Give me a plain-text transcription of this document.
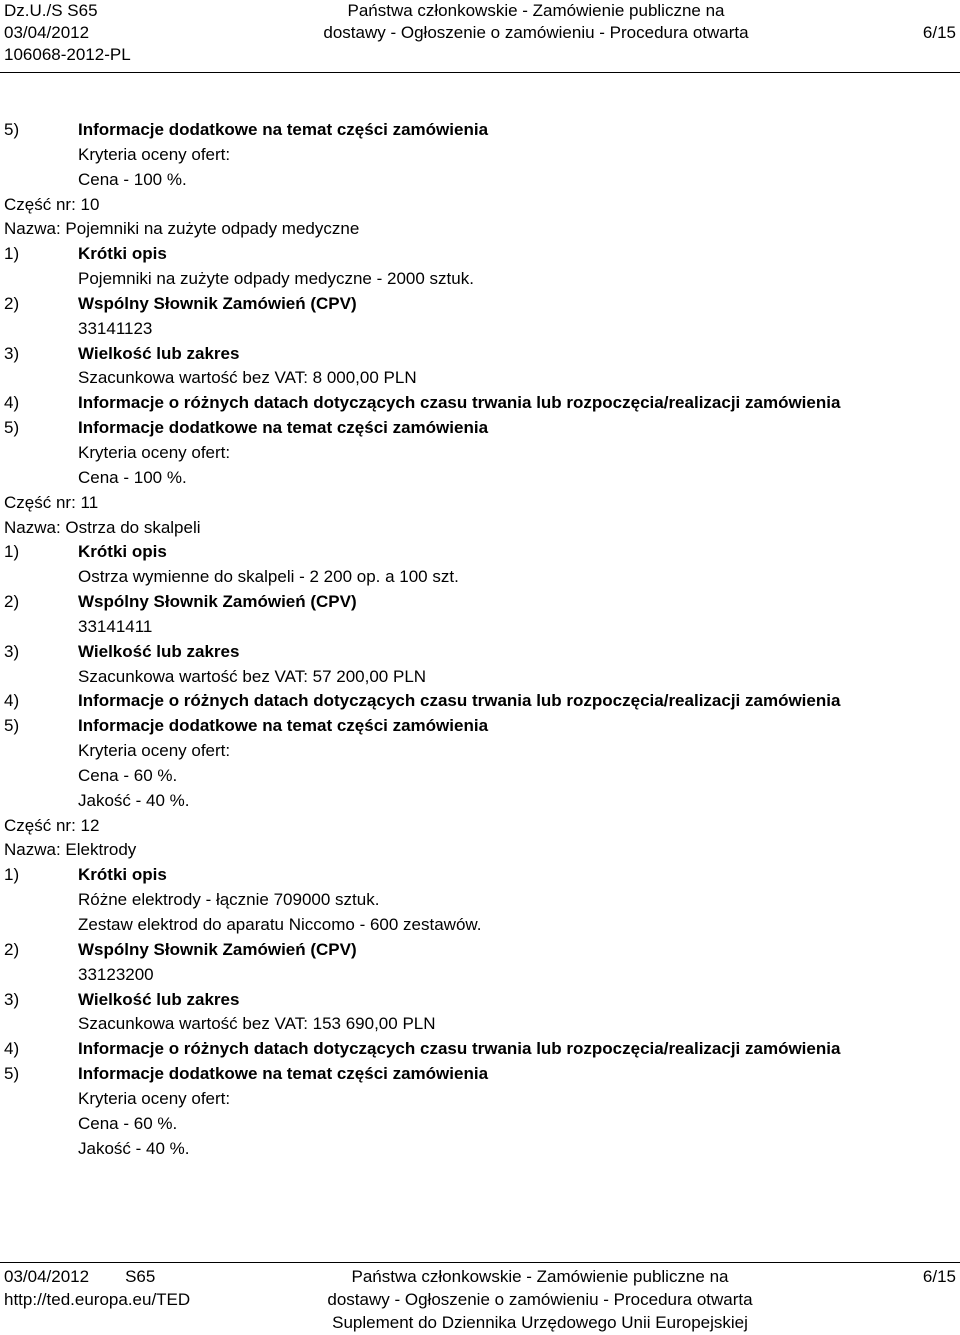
Dz.U./S S65
03/04/2012
106068-2012-PL
Państwa członkowskie - Zamówienie publiczne na
dostawy - Ogłoszenie o zamówieniu - Procedura otwarta	6/15
5)	Informacje dodatkowe na temat części zamówienia
Kryteria oceny ofert:
Cena - 100 %.
Część nr: 10
Nazwa: Pojemniki na zużyte odpady medyczne
1)	Krótki opis
Pojemniki na zużyte odpady medyczne - 2000 sztuk.
2)	Wspólny Słownik Zamówień (CPV)
33141123
3)	Wielkość lub zakres
Szacunkowa wartość bez VAT: 8 000,00 PLN
4)	Informacje o różnych datach dotyczących czasu trwania lub rozpoczęcia/realizacji zamówienia
5)	Informacje dodatkowe na temat części zamówienia
Kryteria oceny ofert:
Cena - 100 %.
Część nr: 11
Nazwa: Ostrza do skalpeli
1)	Krótki opis
Ostrza wymienne do skalpeli - 2 200 op. a 100 szt.
2)	Wspólny Słownik Zamówień (CPV)
33141411
3)	Wielkość lub zakres
Szacunkowa wartość bez VAT: 57 200,00 PLN
4)	Informacje o różnych datach dotyczących czasu trwania lub rozpoczęcia/realizacji zamówienia
5)	Informacje dodatkowe na temat części zamówienia
Kryteria oceny ofert:
Cena - 60 %.
Jakość - 40 %.
Część nr: 12
Nazwa: Elektrody
1)	Krótki opis
Różne elektrody - łącznie 709000 sztuk.
Zestaw elektrod do aparatu Niccomo - 600 zestawów.
2)	Wspólny Słownik Zamówień (CPV)
33123200
3)	Wielkość lub zakres
Szacunkowa wartość bez VAT: 153 690,00 PLN
4)	Informacje o różnych datach dotyczących czasu trwania lub rozpoczęcia/realizacji zamówienia
5)	Informacje dodatkowe na temat części zamówienia
Kryteria oceny ofert:
Cena - 60 %.
Jakość - 40 %.
03/04/2012 S65
http://ted.europa.eu/TED
Państwa członkowskie - Zamówienie publiczne na
dostawy - Ogłoszenie o zamówieniu - Procedura otwarta
Suplement do Dziennika Urzędowego Unii Europejskiej
6/15
